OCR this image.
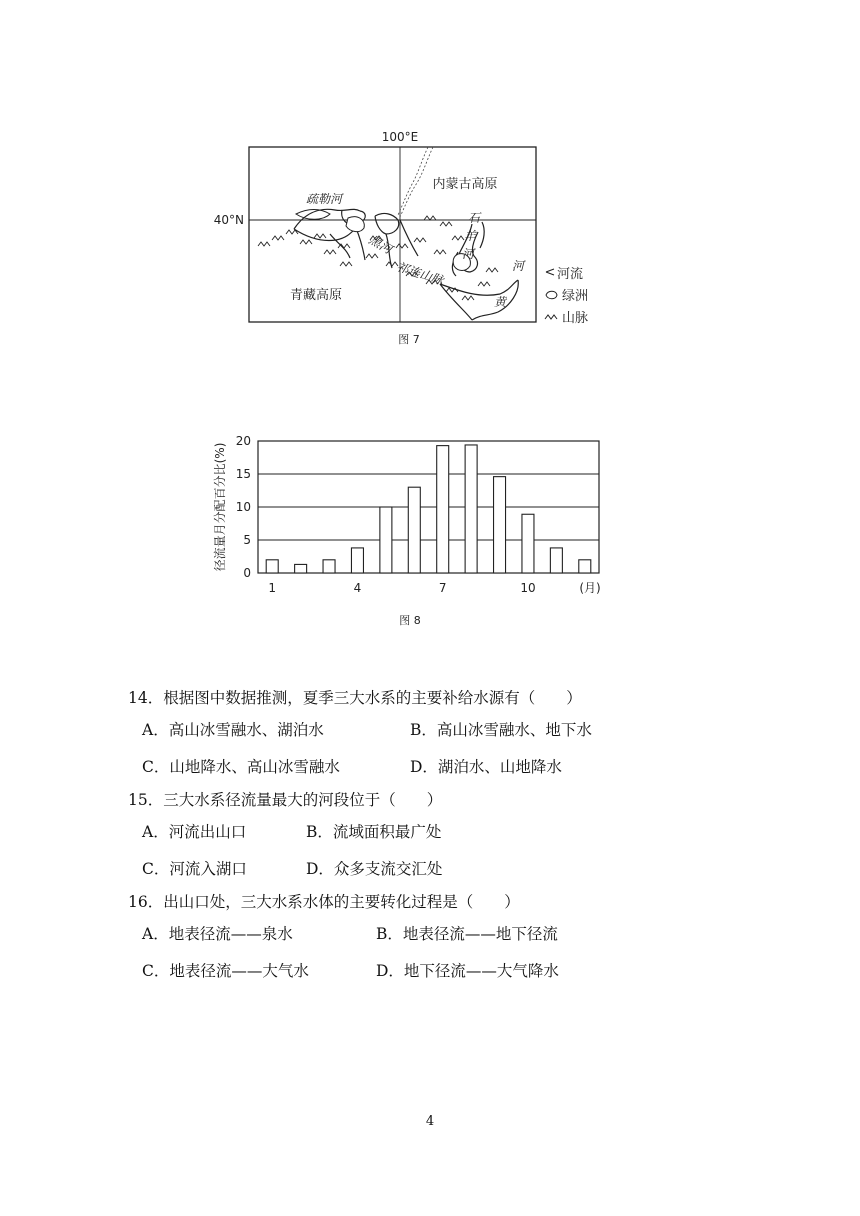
100°E
40°N
内蒙古高原
青藏高原
疏勒河
黑河
石
羊
河
祁连山脉	河
黄
河流
绿洲
山脉
图 7
0
5
10
15
20
1	4	7	10
径流量月分配百分比(%)
(月)
图 8
14．根据图中数据推测，夏季三大水系的主要补给水源有（　　）
A．高山冰雪融水、湖泊水	B．高山冰雪融水、地下水
C．山地降水、高山冰雪融水	D．湖泊水、山地降水
15．三大水系径流量最大的河段位于（　　）
A．河流出山口	B．流域面积最广处
C．河流入湖口	D．众多支流交汇处
16．出山口处，三大水系水体的主要转化过程是（　　）
A．地表径流——泉水	B．地表径流——地下径流
C．地表径流——大气水	D．地下径流——大气降水
4
